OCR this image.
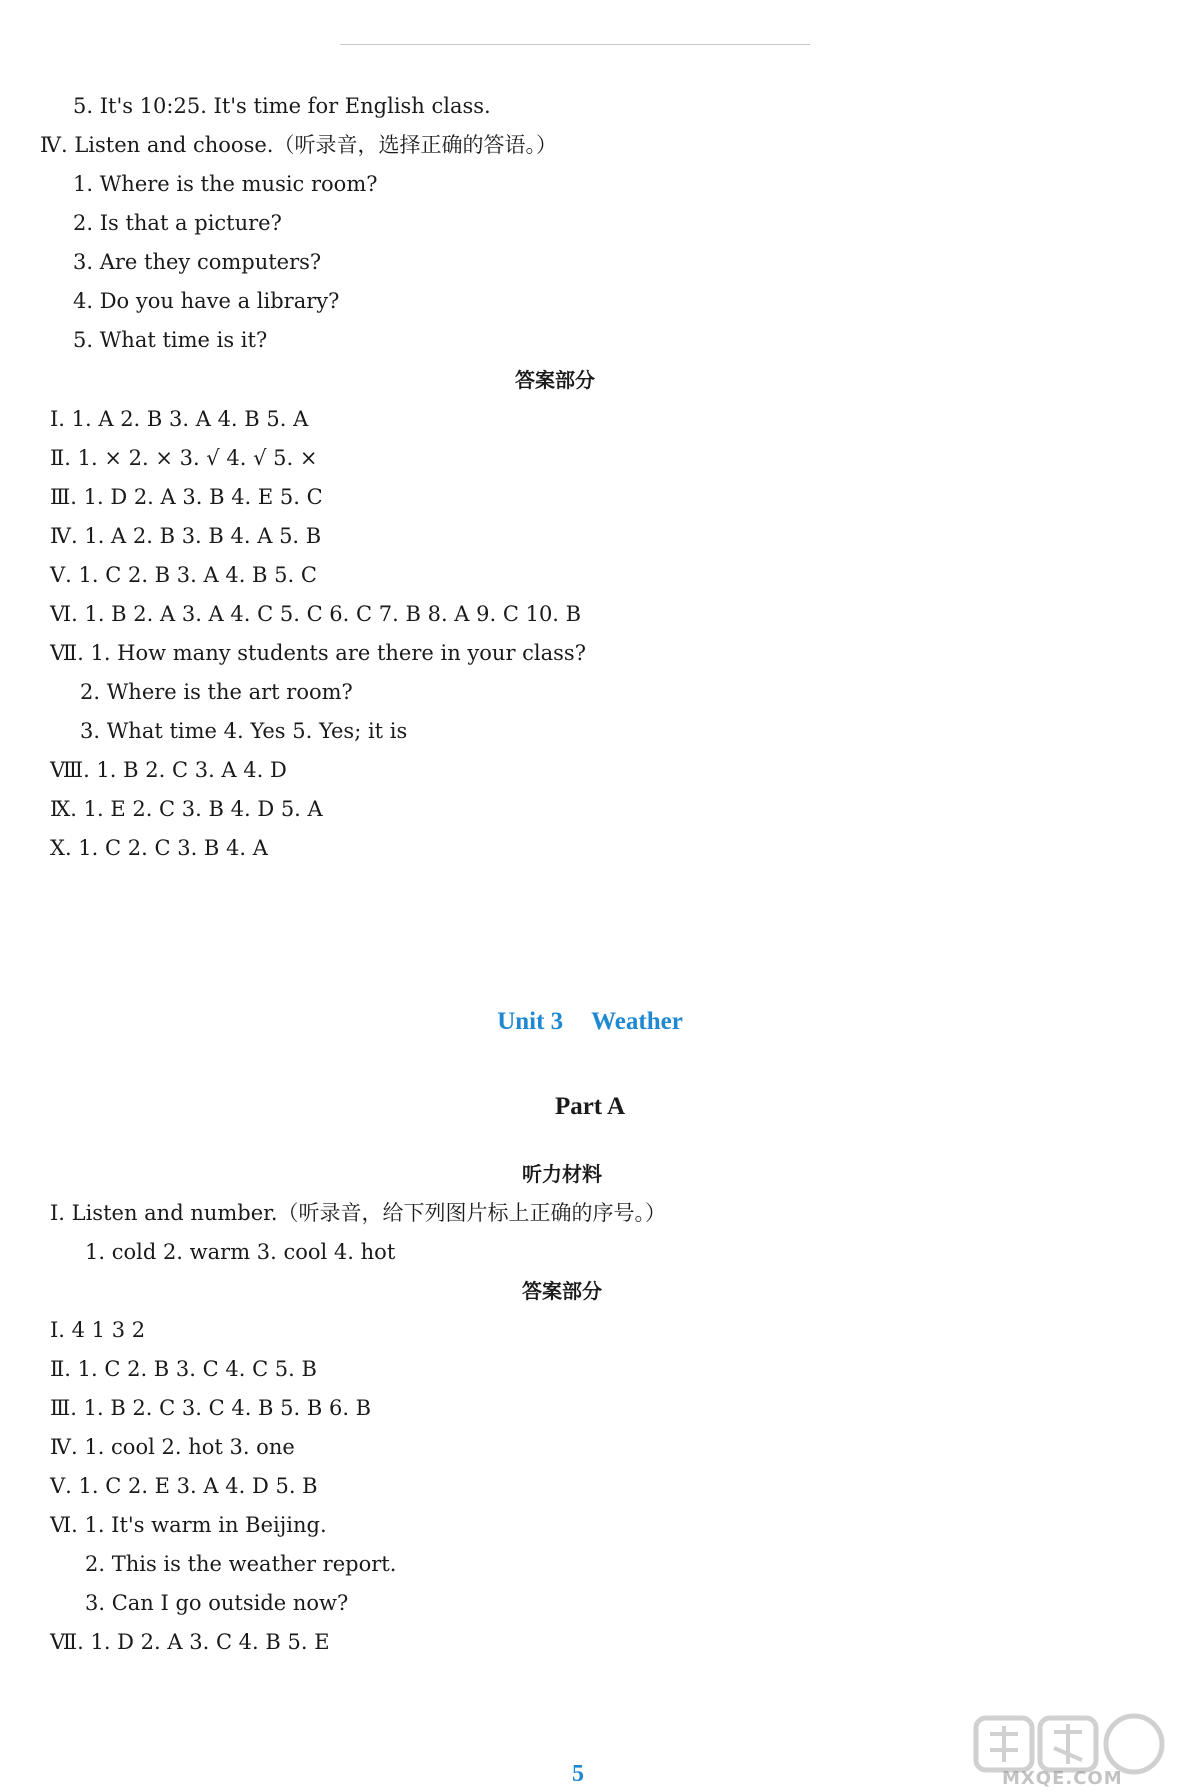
5. It's 10:25. It's time for English class.
Ⅳ. Listen and choose.（听录音，选择正确的答语。）
1. Where is the music room?
2. Is that a picture?
3. Are they computers?
4. Do you have a library?
5. What time is it?
答案部分
Ⅰ. 1. A 2. B 3. A 4. B 5. A
Ⅱ. 1. × 2. × 3. √ 4. √ 5. ×
Ⅲ. 1. D 2. A 3. B 4. E 5. C
Ⅳ. 1. A 2. B 3. B 4. A 5. B
Ⅴ. 1. C 2. B 3. A 4. B 5. C
Ⅵ. 1. B 2. A 3. A 4. C 5. C 6. C 7. B 8. A 9. C 10. B
Ⅶ. 1. How many students are there in your class?
2. Where is the art room?
3. What time 4. Yes 5. Yes; it is
Ⅷ. 1. B 2. C 3. A 4. D
Ⅸ. 1. E 2. C 3. B 4. D 5. A
Ⅹ. 1. C 2. C 3. B 4. A
Unit 3 Weather
Part A
听力材料
Ⅰ. Listen and number.（听录音，给下列图片标上正确的序号。）
1. cold 2. warm 3. cool 4. hot
答案部分
Ⅰ. 4 1 3 2
Ⅱ. 1. C 2. B 3. C 4. C 5. B
Ⅲ. 1. B 2. C 3. C 4. B 5. B 6. B
Ⅳ. 1. cool 2. hot 3. one
Ⅴ. 1. C 2. E 3. A 4. D 5. B
Ⅵ. 1. It's warm in Beijing.
2. This is the weather report.
3. Can I go outside now?
Ⅶ. 1. D 2. A 3. C 4. B 5. E
5	MXQE.COM
